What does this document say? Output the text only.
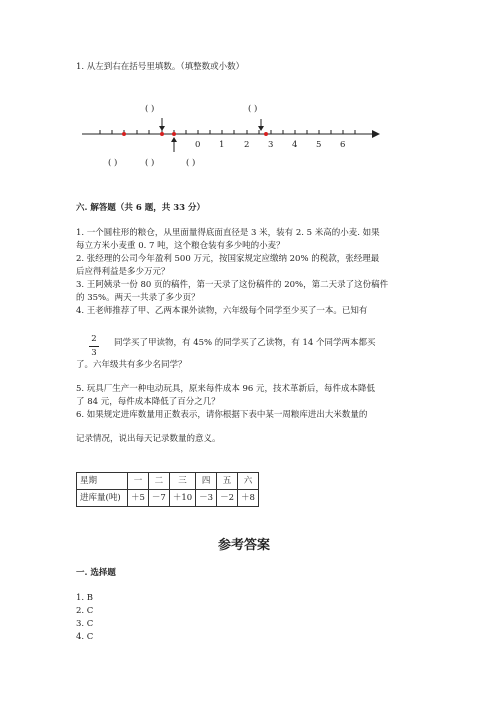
1. 从左到右在括号里填数。（填整数或小数）
( )	( )
( )	( )	( )
0 1 2 3 4 5 6
六. 解答题（共 6 题，共 33 分）
1. 一个圆柱形的粮仓，从里面量得底面直径是 3 米，装有 2. 5 米高的小麦. 如果
每立方米小麦重 0. 7 吨，这个粮仓装有多少吨的小麦？
2. 张经理的公司今年盈利 500 万元，按国家规定应缴纳 20% 的税款，张经理最
后应得利益是多少万元？
3. 王阿姨录一份 80 页的稿件，第一天录了这份稿件的 20%，第二天录了这份稿件
的 35%。两天一共录了多少页？
4. 王老师推荐了甲、乙两本课外读物，六年级每个同学至少买了一本。已知有
2
3
同学买了甲读物，有 45% 的同学买了乙读物，有 14 个同学两本都买
了。六年级共有多少名同学？
5. 玩具厂生产一种电动玩具，原来每件成本 96 元，技术革新后，每件成本降低
了 84 元，每件成本降低了百分之几？
6. 如果规定进库数量用正数表示，请你根据下表中某一周粮库进出大米数量的
记录情况，说出每天记录数量的意义。
星期	一	二	三	四	五	六
进库量(吨)	＋5	－7	＋10	－3	－2	＋8
参考答案
一. 选择题
1. B
2. C
3. C
4. C
